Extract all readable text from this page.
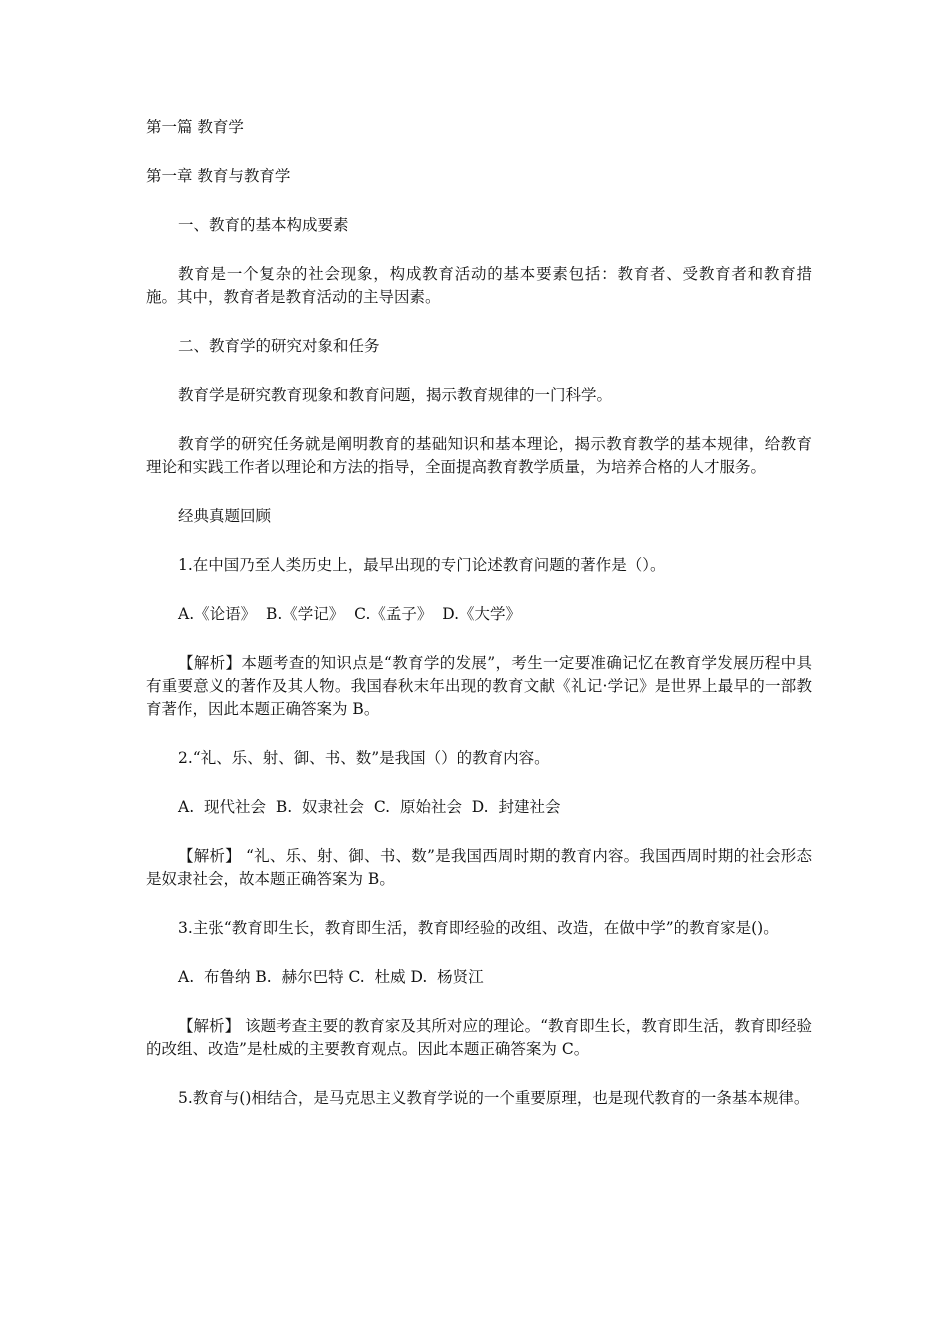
第一篇 教育学

第一章 教育与教育学

一、教育的基本构成要素

教育是一个复杂的社会现象，构成教育活动的基本要素包括：教育者、受教育者和教育措施。其中，教育者是教育活动的主导因素。

二、教育学的研究对象和任务

教育学是研究教育现象和教育问题，揭示教育规律的一门科学。

教育学的研究任务就是阐明教育的基础知识和基本理论，揭示教育教学的基本规律，给教育理论和实践工作者以理论和方法的指导，全面提高教育教学质量，为培养合格的人才服务。

经典真题回顾

1.在中国乃至人类历史上，最早出现的专门论述教育问题的著作是（）。

A.《论语》  B.《学记》  C.《孟子》  D.《大学》

【解析】本题考查的知识点是“教育学的发展”，考生一定要准确记忆在教育学发展历程中具有重要意义的著作及其人物。我国春秋末年出现的教育文献《礼记·学记》是世界上最早的一部教育著作，因此本题正确答案为 B。

2.“礼、乐、射、御、书、数”是我国（）的教育内容。

A.  现代社会  B.  奴隶社会  C.  原始社会  D.  封建社会

【解析】 “礼、乐、射、御、书、数”是我国西周时期的教育内容。我国西周时期的社会形态是奴隶社会，故本题正确答案为 B。

3.主张“教育即生长，教育即生活，教育即经验的改组、改造，在做中学”的教育家是()。

A.  布鲁纳 B.  赫尔巴特 C.  杜威 D.  杨贤江

【解析】 该题考查主要的教育家及其所对应的理论。“教育即生长，教育即生活，教育即经验的改组、改造”是杜威的主要教育观点。因此本题正确答案为 C。

5.教育与()相结合，是马克思主义教育学说的一个重要原理，也是现代教育的一条基本规律。
